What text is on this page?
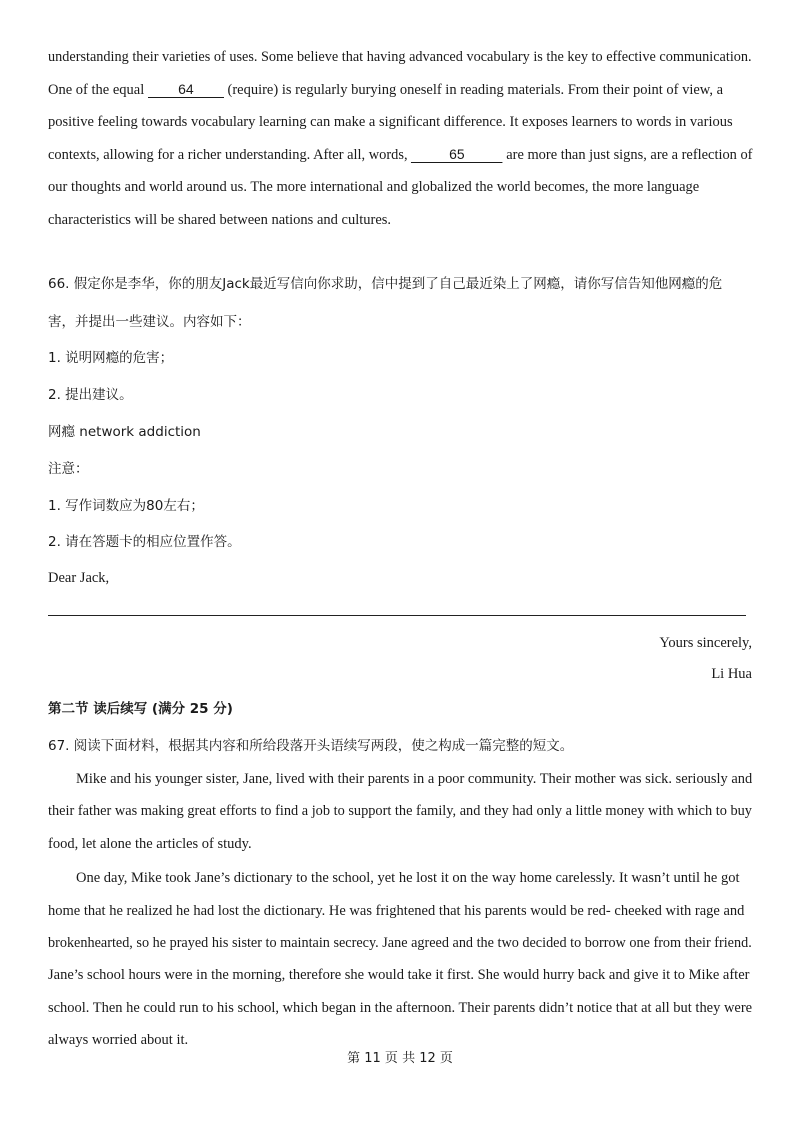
understanding their varieties of uses. Some believe that having advanced vocabulary is the key to effective communication.
One of the equal 64 (require) is regularly burying oneself in reading materials. From their point of view, a
positive feeling towards vocabulary learning can make a significant difference. It exposes learners to words in various
contexts, allowing for a richer understanding. After all, words,	65	are more than just signs, are a reflection of
our thoughts and world around us. The more international and globalized the world becomes, the more language
characteristics will be shared between nations and cultures.
66. 假定你是李华，你的朋友Jack最近写信向你求助，信中提到了自己最近染上了网瘾，请你写信告知他网瘾的危
害，并提出一些建议。内容如下：
1. 说明网瘾的危害；
2. 提出建议。
网瘾 network addiction
注意：
1. 写作词数应为80左右；
2. 请在答题卡的相应位置作答。
Dear Jack,
Yours sincerely,
Li Hua
第二节 读后续写 (满分 25 分)
67. 阅读下面材料，根据其内容和所给段落开头语续写两段，使之构成一篇完整的短文。
Mike and his younger sister, Jane, lived with their parents in a poor community. Their mother was sick. seriously and
their father was making great efforts to find a job to support the family, and they had only a little money with which to buy
food, let alone the articles of study.
One day, Mike took Jane’s dictionary to the school, yet he lost it on the way home carelessly. It wasn’t until he got
home that he realized he had lost the dictionary. He was frightened that his parents would be red- cheeked with rage and
brokenhearted, so he prayed his sister to maintain secrecy. Jane agreed and the two decided to borrow one from their friend.
Jane’s school hours were in the morning, therefore she would take it first. She would hurry back and give it to Mike after
school. Then he could run to his school, which began in the afternoon. Their parents didn’t notice that at all but they were
always worried about it.
第 11 页 共 12 页
